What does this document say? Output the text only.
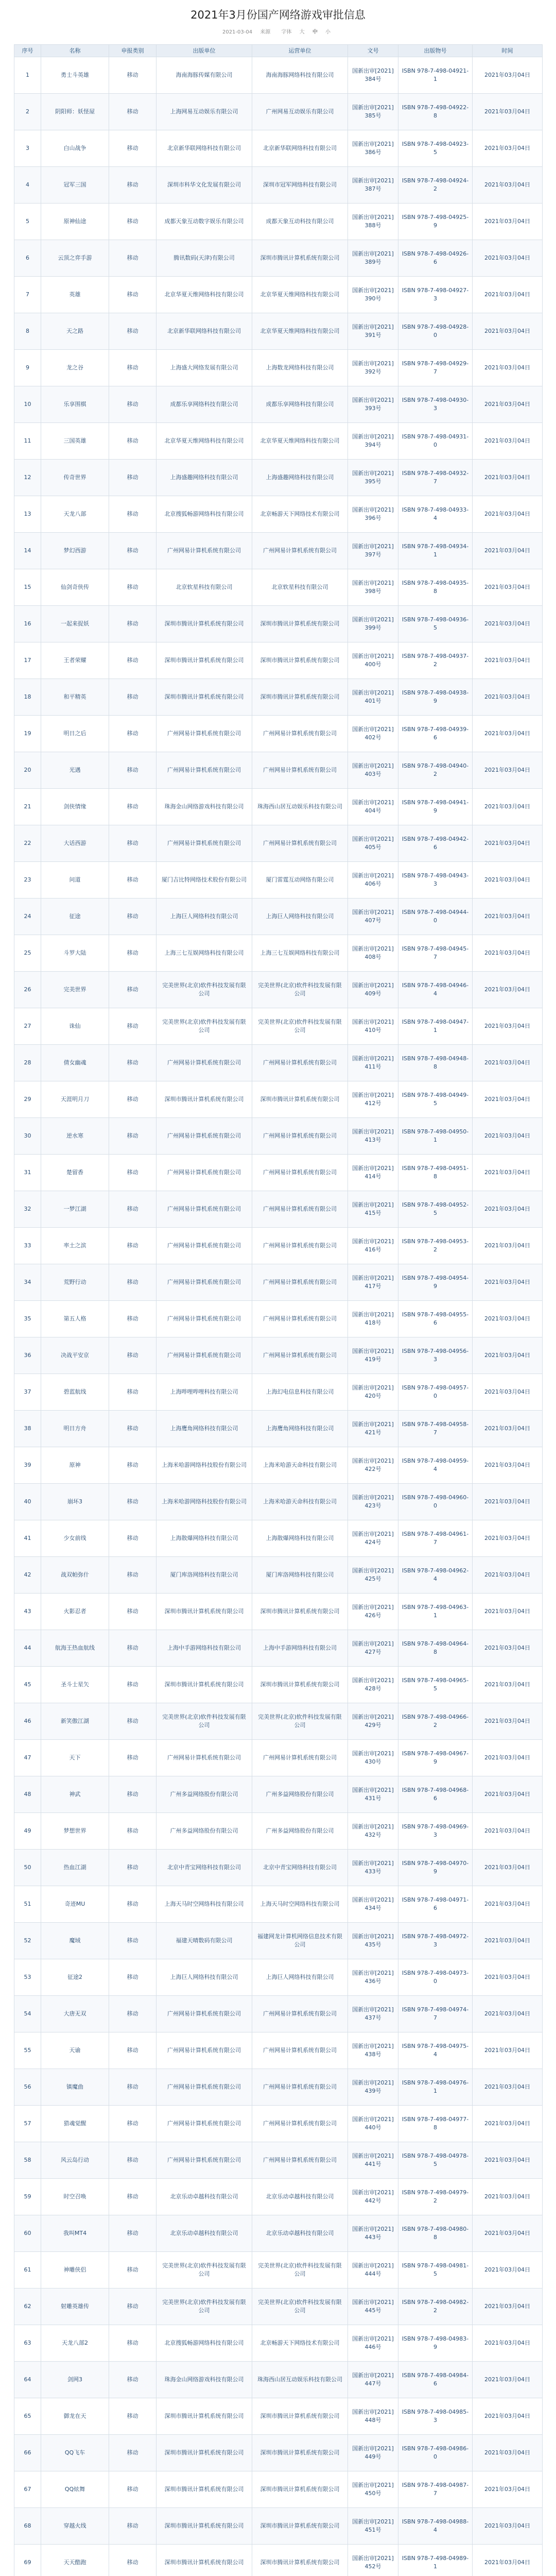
2021年3月份国产网络游戏审批信息
2021-03-04 来源 字体 大 中 小
序号	名称	申报类别	出版单位	运营单位	文号	出版物号	时间
1	勇士斗英雄	移动	海南海豚传媒有限公司	海南海豚网络科技有限公司	国新出审[2021]384号	ISBN 978-7-498-04921-1	2021年03月04日
2	阴阳师：妖怪屋	移动	上海网易互动娱乐有限公司	广州网易互动娱乐有限公司	国新出审[2021]385号	ISBN 978-7-498-04922-8	2021年03月04日
3	白山战争	移动	北京新华联网络科技有限公司	北京新华联网络科技有限公司	国新出审[2021]386号	ISBN 978-7-498-04923-5	2021年03月04日
4	冠军三国	移动	深圳市科华文化发展有限公司	深圳市冠军网络科技有限公司	国新出审[2021]387号	ISBN 978-7-498-04924-2	2021年03月04日
5	原神仙途	移动	成都天象互动数字娱乐有限公司	成都天象互动科技有限公司	国新出审[2021]388号	ISBN 978-7-498-04925-9	2021年03月04日
6	云顶之弈手游	移动	腾讯数码(天津)有限公司	深圳市腾讯计算机系统有限公司	国新出审[2021]389号	ISBN 978-7-498-04926-6	2021年03月04日
7	英雄	移动	北京华夏天维网络科技有限公司	北京华夏天维网络科技有限公司	国新出审[2021]390号	ISBN 978-7-498-04927-3	2021年03月04日
8	天之路	移动	北京新华联网络科技有限公司	北京华夏天维网络科技有限公司	国新出审[2021]391号	ISBN 978-7-498-04928-0	2021年03月04日
9	龙之谷	移动	上海盛大网络发展有限公司	上海数龙网络科技有限公司	国新出审[2021]392号	ISBN 978-7-498-04929-7	2021年03月04日
10	乐享围棋	移动	成都乐享网络科技有限公司	成都乐享网络科技有限公司	国新出审[2021]393号	ISBN 978-7-498-04930-3	2021年03月04日
11	三国英雄	移动	北京华夏天维网络科技有限公司	北京华夏天维网络科技有限公司	国新出审[2021]394号	ISBN 978-7-498-04931-0	2021年03月04日
12	传奇世界	移动	上海盛趣网络科技有限公司	上海盛趣网络科技有限公司	国新出审[2021]395号	ISBN 978-7-498-04932-7	2021年03月04日
13	天龙八部	移动	北京搜狐畅游网络科技有限公司	北京畅游天下网络技术有限公司	国新出审[2021]396号	ISBN 978-7-498-04933-4	2021年03月04日
14	梦幻西游	移动	广州网易计算机系统有限公司	广州网易计算机系统有限公司	国新出审[2021]397号	ISBN 978-7-498-04934-1	2021年03月04日
15	仙剑奇侠传	移动	北京软星科技有限公司	北京软星科技有限公司	国新出审[2021]398号	ISBN 978-7-498-04935-8	2021年03月04日
16	一起来捉妖	移动	深圳市腾讯计算机系统有限公司	深圳市腾讯计算机系统有限公司	国新出审[2021]399号	ISBN 978-7-498-04936-5	2021年03月04日
17	王者荣耀	移动	深圳市腾讯计算机系统有限公司	深圳市腾讯计算机系统有限公司	国新出审[2021]400号	ISBN 978-7-498-04937-2	2021年03月04日
18	和平精英	移动	深圳市腾讯计算机系统有限公司	深圳市腾讯计算机系统有限公司	国新出审[2021]401号	ISBN 978-7-498-04938-9	2021年03月04日
19	明日之后	移动	广州网易计算机系统有限公司	广州网易计算机系统有限公司	国新出审[2021]402号	ISBN 978-7-498-04939-6	2021年03月04日
20	光遇	移动	广州网易计算机系统有限公司	广州网易计算机系统有限公司	国新出审[2021]403号	ISBN 978-7-498-04940-2	2021年03月04日
21	剑侠情缘	移动	珠海金山网络游戏科技有限公司	珠海西山居互动娱乐科技有限公司	国新出审[2021]404号	ISBN 978-7-498-04941-9	2021年03月04日
22	大话西游	移动	广州网易计算机系统有限公司	广州网易计算机系统有限公司	国新出审[2021]405号	ISBN 978-7-498-04942-6	2021年03月04日
23	问道	移动	厦门吉比特网络技术股份有限公司	厦门雷霆互动网络有限公司	国新出审[2021]406号	ISBN 978-7-498-04943-3	2021年03月04日
24	征途	移动	上海巨人网络科技有限公司	上海巨人网络科技有限公司	国新出审[2021]407号	ISBN 978-7-498-04944-0	2021年03月04日
25	斗罗大陆	移动	上海三七互娱网络科技有限公司	上海三七互娱网络科技有限公司	国新出审[2021]408号	ISBN 978-7-498-04945-7	2021年03月04日
26	完美世界	移动	完美世界(北京)软件科技发展有限公司	完美世界(北京)软件科技发展有限公司	国新出审[2021]409号	ISBN 978-7-498-04946-4	2021年03月04日
27	诛仙	移动	完美世界(北京)软件科技发展有限公司	完美世界(北京)软件科技发展有限公司	国新出审[2021]410号	ISBN 978-7-498-04947-1	2021年03月04日
28	倩女幽魂	移动	广州网易计算机系统有限公司	广州网易计算机系统有限公司	国新出审[2021]411号	ISBN 978-7-498-04948-8	2021年03月04日
29	天涯明月刀	移动	深圳市腾讯计算机系统有限公司	深圳市腾讯计算机系统有限公司	国新出审[2021]412号	ISBN 978-7-498-04949-5	2021年03月04日
30	逆水寒	移动	广州网易计算机系统有限公司	广州网易计算机系统有限公司	国新出审[2021]413号	ISBN 978-7-498-04950-1	2021年03月04日
31	楚留香	移动	广州网易计算机系统有限公司	广州网易计算机系统有限公司	国新出审[2021]414号	ISBN 978-7-498-04951-8	2021年03月04日
32	一梦江湖	移动	广州网易计算机系统有限公司	广州网易计算机系统有限公司	国新出审[2021]415号	ISBN 978-7-498-04952-5	2021年03月04日
33	率土之滨	移动	广州网易计算机系统有限公司	广州网易计算机系统有限公司	国新出审[2021]416号	ISBN 978-7-498-04953-2	2021年03月04日
34	荒野行动	移动	广州网易计算机系统有限公司	广州网易计算机系统有限公司	国新出审[2021]417号	ISBN 978-7-498-04954-9	2021年03月04日
35	第五人格	移动	广州网易计算机系统有限公司	广州网易计算机系统有限公司	国新出审[2021]418号	ISBN 978-7-498-04955-6	2021年03月04日
36	决战平安京	移动	广州网易计算机系统有限公司	广州网易计算机系统有限公司	国新出审[2021]419号	ISBN 978-7-498-04956-3	2021年03月04日
37	碧蓝航线	移动	上海哔哩哔哩科技有限公司	上海幻电信息科技有限公司	国新出审[2021]420号	ISBN 978-7-498-04957-0	2021年03月04日
38	明日方舟	移动	上海鹰角网络科技有限公司	上海鹰角网络科技有限公司	国新出审[2021]421号	ISBN 978-7-498-04958-7	2021年03月04日
39	原神	移动	上海米哈游网络科技股份有限公司	上海米哈游天命科技有限公司	国新出审[2021]422号	ISBN 978-7-498-04959-4	2021年03月04日
40	崩坏3	移动	上海米哈游网络科技股份有限公司	上海米哈游天命科技有限公司	国新出审[2021]423号	ISBN 978-7-498-04960-0	2021年03月04日
41	少女前线	移动	上海散爆网络科技有限公司	上海散爆网络科技有限公司	国新出审[2021]424号	ISBN 978-7-498-04961-7	2021年03月04日
42	战双帕弥什	移动	厦门库洛网络科技有限公司	厦门库洛网络科技有限公司	国新出审[2021]425号	ISBN 978-7-498-04962-4	2021年03月04日
43	火影忍者	移动	深圳市腾讯计算机系统有限公司	深圳市腾讯计算机系统有限公司	国新出审[2021]426号	ISBN 978-7-498-04963-1	2021年03月04日
44	航海王热血航线	移动	上海中手游网络科技有限公司	上海中手游网络科技有限公司	国新出审[2021]427号	ISBN 978-7-498-04964-8	2021年03月04日
45	圣斗士星矢	移动	深圳市腾讯计算机系统有限公司	深圳市腾讯计算机系统有限公司	国新出审[2021]428号	ISBN 978-7-498-04965-5	2021年03月04日
46	新笑傲江湖	移动	完美世界(北京)软件科技发展有限公司	完美世界(北京)软件科技发展有限公司	国新出审[2021]429号	ISBN 978-7-498-04966-2	2021年03月04日
47	天下	移动	广州网易计算机系统有限公司	广州网易计算机系统有限公司	国新出审[2021]430号	ISBN 978-7-498-04967-9	2021年03月04日
48	神武	移动	广州多益网络股份有限公司	广州多益网络股份有限公司	国新出审[2021]431号	ISBN 978-7-498-04968-6	2021年03月04日
49	梦想世界	移动	广州多益网络股份有限公司	广州多益网络股份有限公司	国新出审[2021]432号	ISBN 978-7-498-04969-3	2021年03月04日
50	热血江湖	移动	北京中青宝网络科技有限公司	北京中青宝网络科技有限公司	国新出审[2021]433号	ISBN 978-7-498-04970-9	2021年03月04日
51	奇迹MU	移动	上海天马时空网络科技有限公司	上海天马时空网络科技有限公司	国新出审[2021]434号	ISBN 978-7-498-04971-6	2021年03月04日
52	魔域	移动	福建天晴数码有限公司	福建网龙计算机网络信息技术有限公司	国新出审[2021]435号	ISBN 978-7-498-04972-3	2021年03月04日
53	征途2	移动	上海巨人网络科技有限公司	上海巨人网络科技有限公司	国新出审[2021]436号	ISBN 978-7-498-04973-0	2021年03月04日
54	大唐无双	移动	广州网易计算机系统有限公司	广州网易计算机系统有限公司	国新出审[2021]437号	ISBN 978-7-498-04974-7	2021年03月04日
55	天谕	移动	广州网易计算机系统有限公司	广州网易计算机系统有限公司	国新出审[2021]438号	ISBN 978-7-498-04975-4	2021年03月04日
56	镇魔曲	移动	广州网易计算机系统有限公司	广州网易计算机系统有限公司	国新出审[2021]439号	ISBN 978-7-498-04976-1	2021年03月04日
57	猎魂觉醒	移动	广州网易计算机系统有限公司	广州网易计算机系统有限公司	国新出审[2021]440号	ISBN 978-7-498-04977-8	2021年03月04日
58	风云岛行动	移动	广州网易计算机系统有限公司	广州网易计算机系统有限公司	国新出审[2021]441号	ISBN 978-7-498-04978-5	2021年03月04日
59	时空召唤	移动	北京乐动卓越科技有限公司	北京乐动卓越科技有限公司	国新出审[2021]442号	ISBN 978-7-498-04979-2	2021年03月04日
60	我叫MT4	移动	北京乐动卓越科技有限公司	北京乐动卓越科技有限公司	国新出审[2021]443号	ISBN 978-7-498-04980-8	2021年03月04日
61	神雕侠侣	移动	完美世界(北京)软件科技发展有限公司	完美世界(北京)软件科技发展有限公司	国新出审[2021]444号	ISBN 978-7-498-04981-5	2021年03月04日
62	射雕英雄传	移动	完美世界(北京)软件科技发展有限公司	完美世界(北京)软件科技发展有限公司	国新出审[2021]445号	ISBN 978-7-498-04982-2	2021年03月04日
63	天龙八部2	移动	北京搜狐畅游网络科技有限公司	北京畅游天下网络技术有限公司	国新出审[2021]446号	ISBN 978-7-498-04983-9	2021年03月04日
64	剑网3	移动	珠海金山网络游戏科技有限公司	珠海西山居互动娱乐科技有限公司	国新出审[2021]447号	ISBN 978-7-498-04984-6	2021年03月04日
65	御龙在天	移动	深圳市腾讯计算机系统有限公司	深圳市腾讯计算机系统有限公司	国新出审[2021]448号	ISBN 978-7-498-04985-3	2021年03月04日
66	QQ飞车	移动	深圳市腾讯计算机系统有限公司	深圳市腾讯计算机系统有限公司	国新出审[2021]449号	ISBN 978-7-498-04986-0	2021年03月04日
67	QQ炫舞	移动	深圳市腾讯计算机系统有限公司	深圳市腾讯计算机系统有限公司	国新出审[2021]450号	ISBN 978-7-498-04987-7	2021年03月04日
68	穿越火线	移动	深圳市腾讯计算机系统有限公司	深圳市腾讯计算机系统有限公司	国新出审[2021]451号	ISBN 978-7-498-04988-4	2021年03月04日
69	天天酷跑	移动	深圳市腾讯计算机系统有限公司	深圳市腾讯计算机系统有限公司	国新出审[2021]452号	ISBN 978-7-498-04989-1	2021年03月04日
